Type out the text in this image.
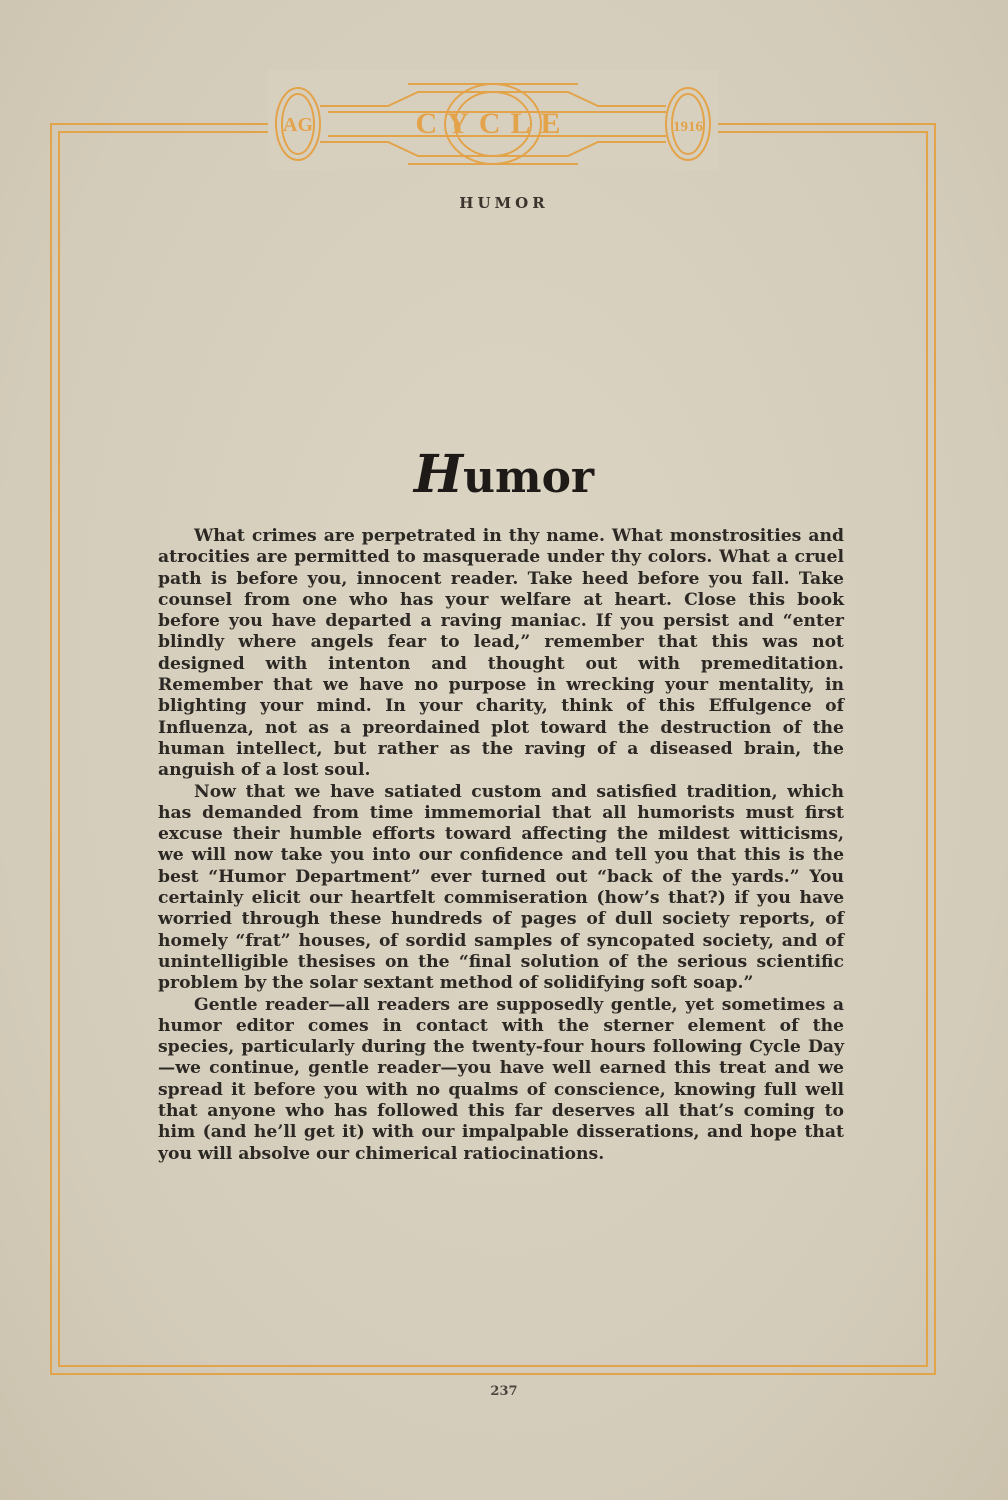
AG	CYCLE	1916
HUMOR
Humor

What crimes are perpetrated in thy name. What monstrosities and atrocities are permitted to masquerade under thy colors. What a cruel path is before you, innocent reader. Take heed before you fall. Take counsel from one who has your welfare at heart. Close this book before you have departed a raving maniac. If you persist and “enter blindly where angels fear to lead,” remember that this was not designed with intenton and thought out with premeditation. Remember that we have no purpose in wrecking your mentality, in blighting your mind. In your charity, think of this Effulgence of Influenza, not as a preordained plot toward the destruction of the human intellect, but rather as the raving of a diseased brain, the anguish of a lost soul.

Now that we have satiated custom and satisfied tradition, which has demanded from time immemorial that all humorists must first excuse their humble efforts toward affecting the mildest witticisms, we will now take you into our confidence and tell you that this is the best “Humor Department” ever turned out “back of the yards.” You certainly elicit our heartfelt commiseration (how’s that?) if you have worried through these hundreds of pages of dull society reports, of homely “frat” houses, of sordid samples of syncopated society, and of unintelligible thesises on the “final solution of the serious scientific problem by the solar sextant method of solidifying soft soap.”

Gentle reader—all readers are supposedly gentle, yet sometimes a humor editor comes in contact with the sterner element of the species, particularly during the twenty-four hours following Cycle Day—we continue, gentle reader—you have well earned this treat and we spread it before you with no qualms of conscience, knowing full well that anyone who has followed this far deserves all that’s coming to him (and he’ll get it) with our impalpable disserations, and hope that you will absolve our chimerical ratiocinations.

237
